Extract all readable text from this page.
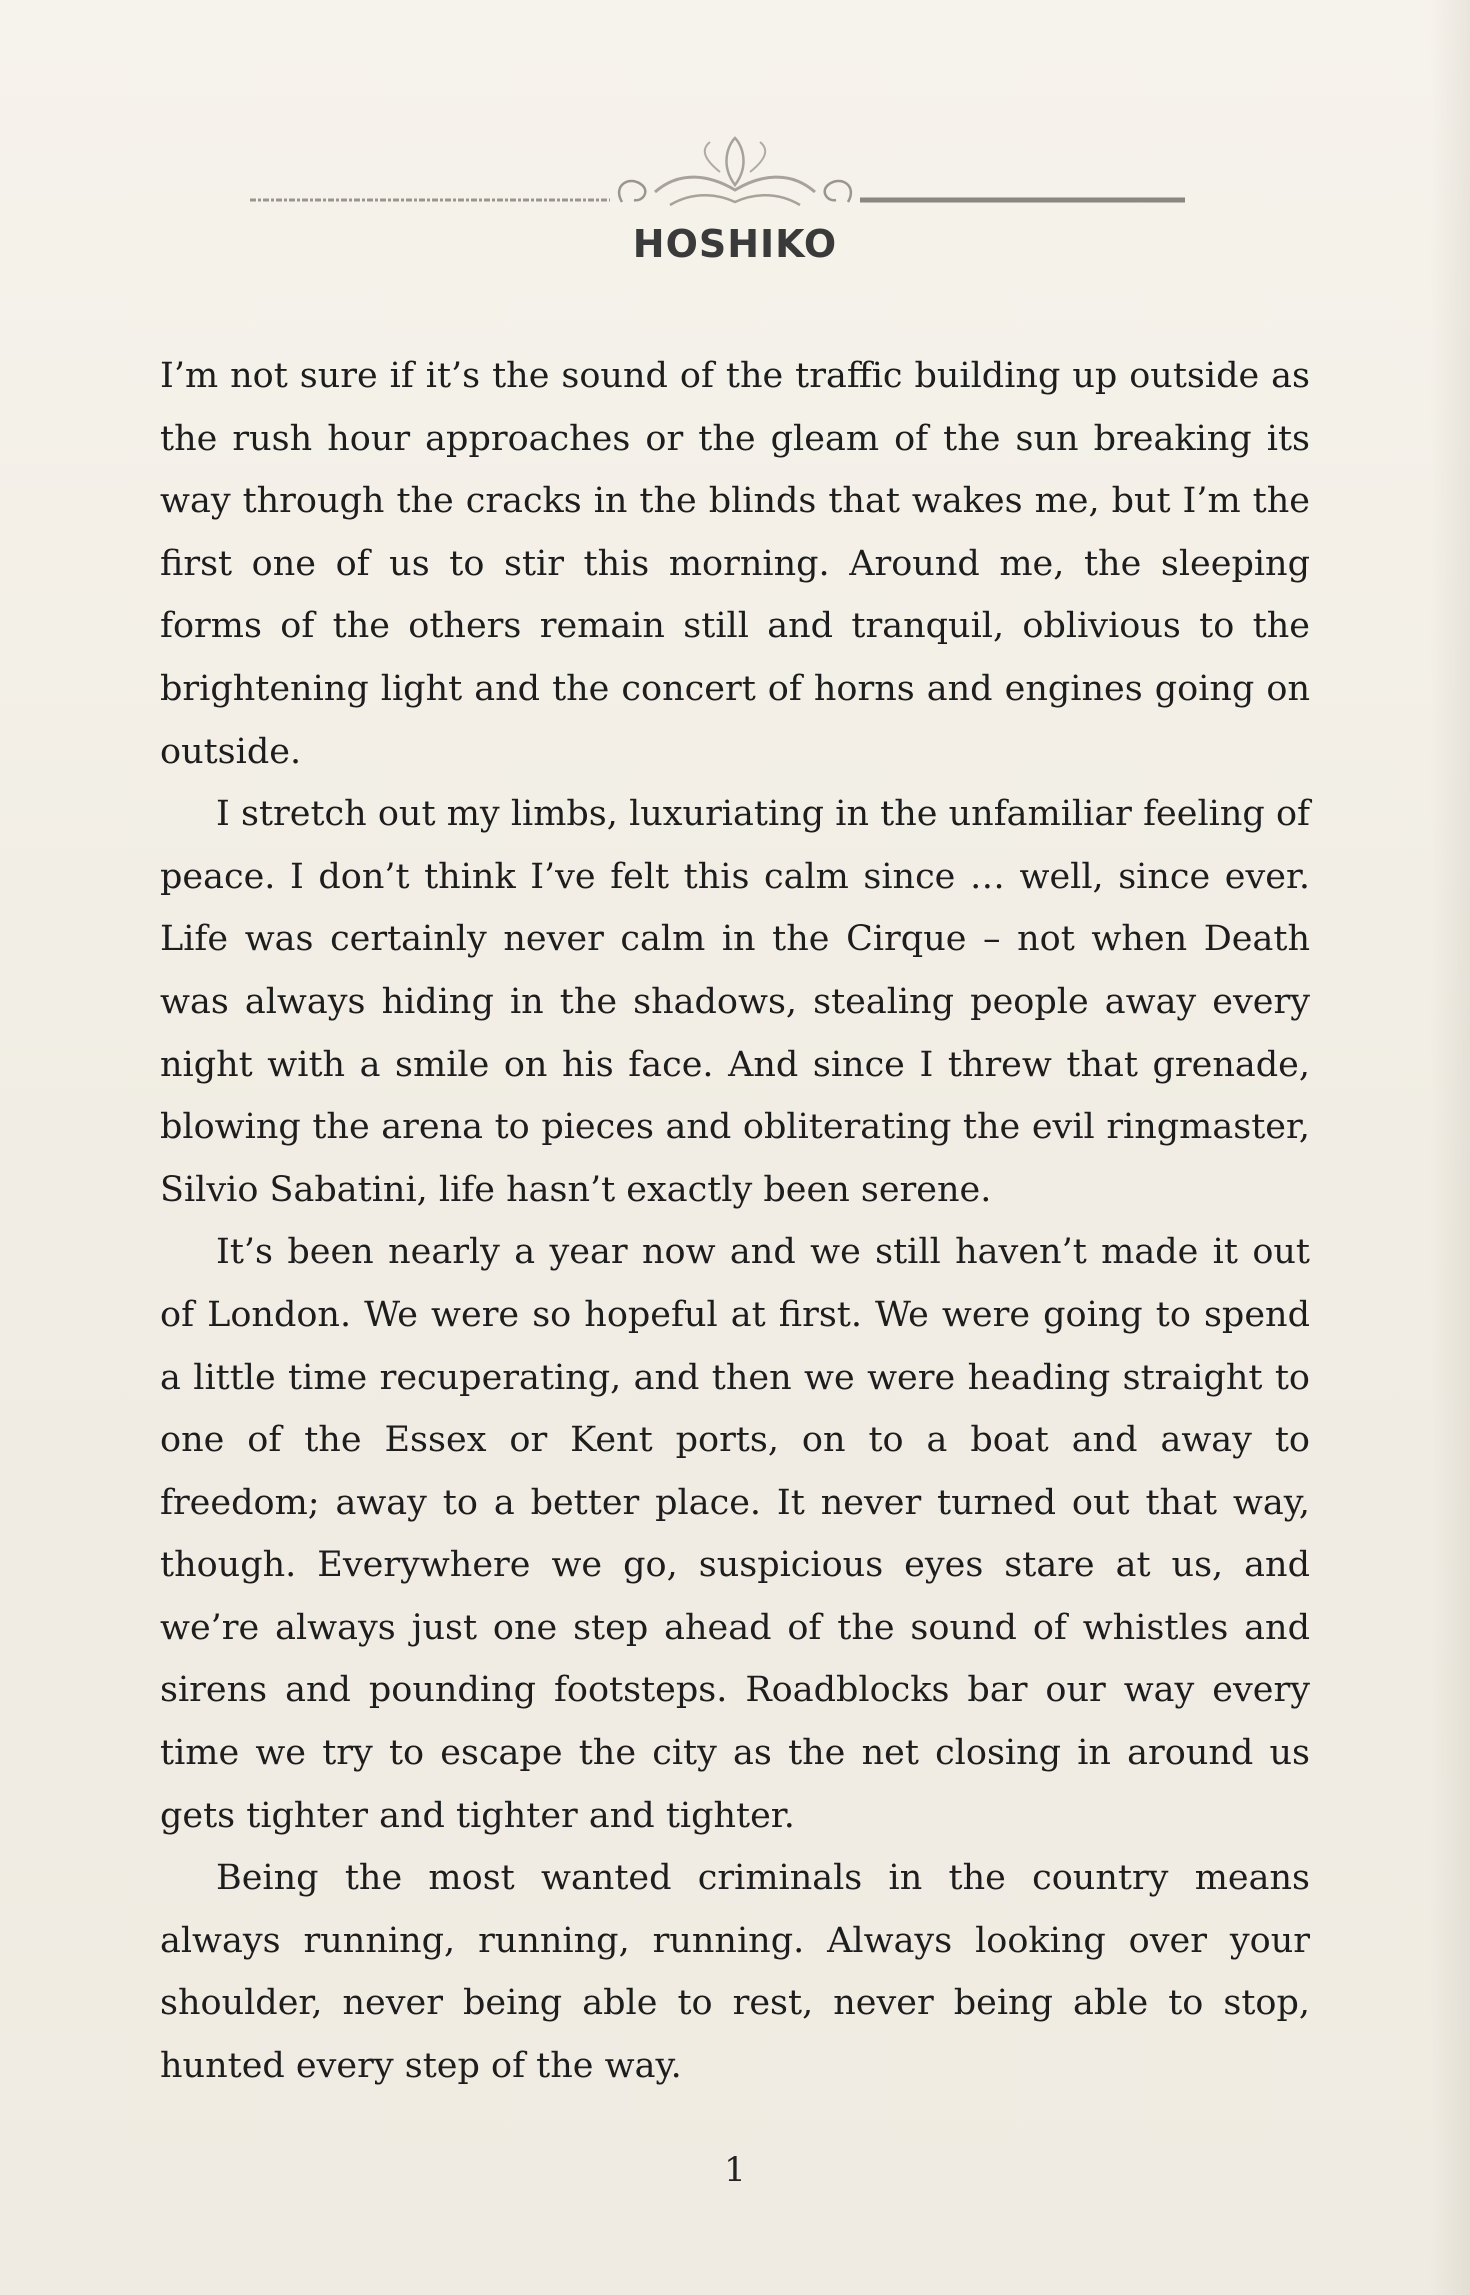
HOSHIKO

I’m not sure if it’s the sound of the traffic building up outside as the rush hour approaches or the gleam of the sun breaking its way through the cracks in the blinds that wakes me, but I’m the first one of us to stir this morning. Around me, the sleeping forms of the others remain still and tranquil, oblivious to the brightening light and the concert of horns and engines going on outside.

I stretch out my limbs, luxuriating in the unfamiliar feeling of peace. I don’t think I’ve felt this calm since … well, since ever. Life was certainly never calm in the Cirque – not when Death was always hiding in the shadows, stealing people away every night with a smile on his face. And since I threw that grenade, blowing the arena to pieces and obliterating the evil ringmaster, Silvio Sabatini, life hasn’t exactly been serene.

It’s been nearly a year now and we still haven’t made it out of London. We were so hopeful at first. We were going to spend a little time recuperating, and then we were heading straight to one of the Essex or Kent ports, on to a boat and away to freedom; away to a better place. It never turned out that way, though. Everywhere we go, suspicious eyes stare at us, and we’re always just one step ahead of the sound of whistles and sirens and pounding footsteps. Roadblocks bar our way every time we try to escape the city as the net closing in around us gets tighter and tighter and tighter.

Being the most wanted criminals in the country means always running, running, running. Always looking over your shoulder, never being able to rest, never being able to stop, hunted every step of the way.

1
